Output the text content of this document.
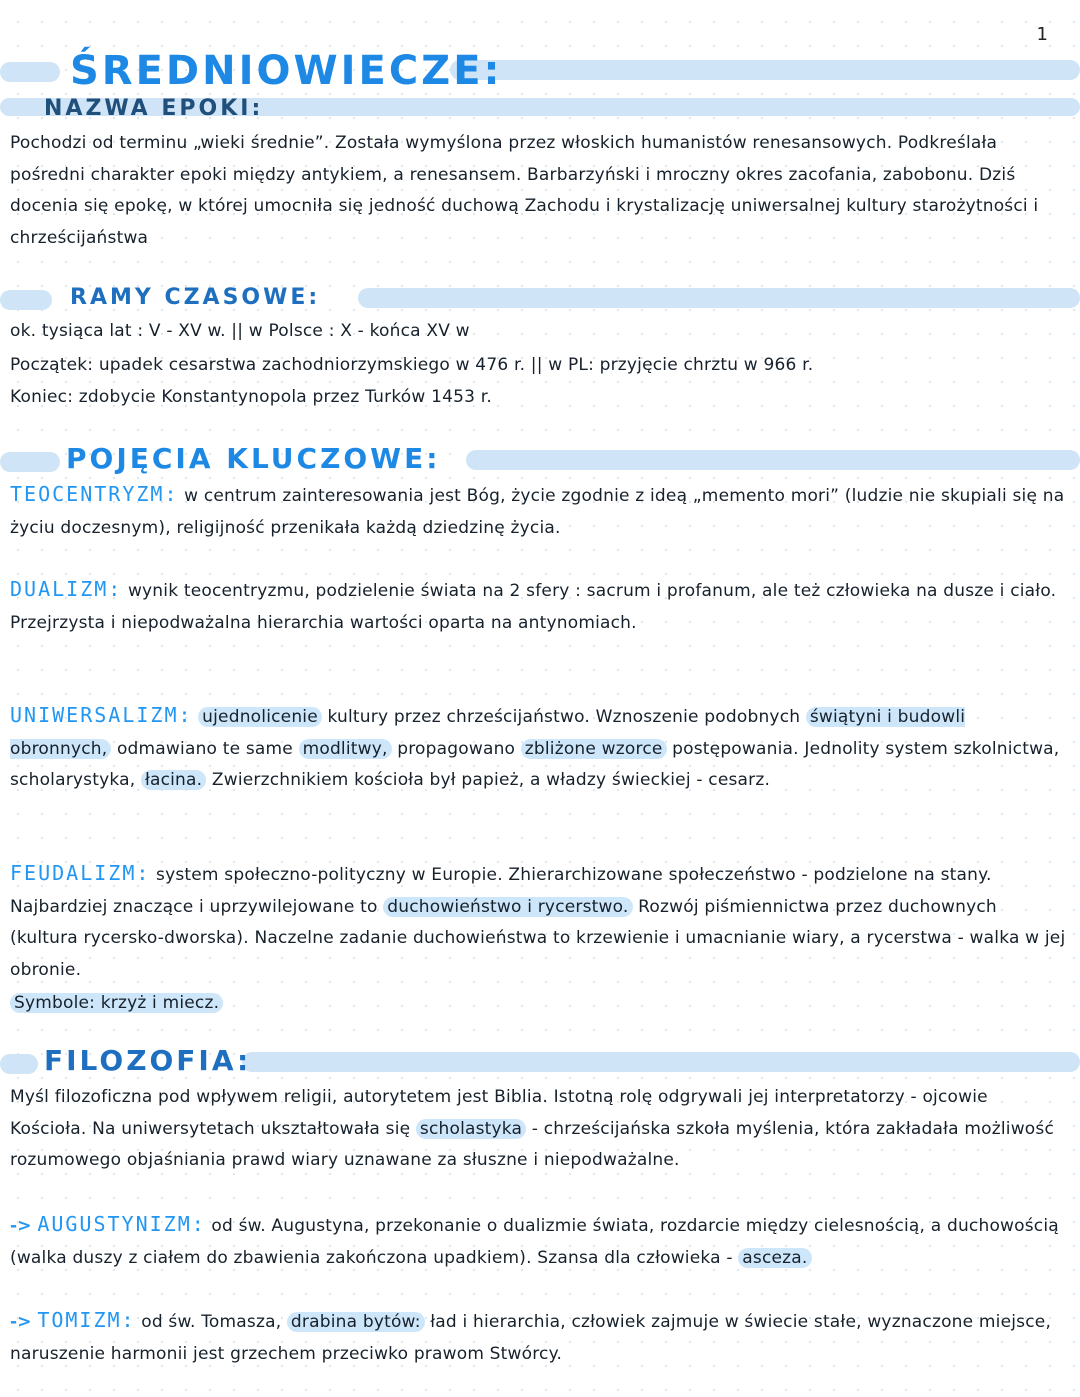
1
ŚREDNIOWIECZE:
NAZWA EPOKI:

Pochodzi od terminu „wieki średnie”. Została wymyślona przez włoskich humanistów renesansowych. Podkreślała pośredni charakter epoki między antykiem, a renesansem. Barbarzyński i mroczny okres zacofania, zabobonu. Dziś docenia się epokę, w której umocniła się jedność duchową Zachodu i krystalizację uniwersalnej kultury starożytności i chrześcijaństwa

RAMY CZASOWE:

ok. tysiąca lat : V - XV w. || w Polsce : X - końca XV w

Początek: upadek cesarstwa zachodniorzymskiego w 476 r. || w PL: przyjęcie chrztu w 966 r.

Koniec: zdobycie Konstantynopola przez Turków 1453 r.

POJĘCIA KLUCZOWE:

TEOCENTRYZM: w centrum zainteresowania jest Bóg, życie zgodnie z ideą „memento mori” (ludzie nie skupiali się na życiu doczesnym), religijność przenikała każdą dziedzinę życia.

DUALIZM: wynik teocentryzmu, podzielenie świata na 2 sfery : sacrum i profanum, ale też człowieka na dusze i ciało. Przejrzysta i niepodważalna hierarchia wartości oparta na antynomiach.

UNIWERSALIZM: ujednolicenie kultury przez chrześcijaństwo. Wznoszenie podobnych świątyni i budowli obronnych, odmawiano te same modlitwy, propagowano zbliżone wzorce postępowania. Jednolity system szkolnictwa, scholarystyka, łacina. Zwierzchnikiem kościoła był papież, a władzy świeckiej - cesarz.

FEUDALIZM: system społeczno-polityczny w Europie. Zhierarchizowane społeczeństwo - podzielone na stany. Najbardziej znaczące i uprzywilejowane to duchowieństwo i rycerstwo. Rozwój piśmiennictwa przez duchownych (kultura rycersko-dworska). Naczelne zadanie duchowieństwa to krzewienie i umacnianie wiary, a rycerstwa - walka w jej obronie.

Symbole: krzyż i miecz.

FILOZOFIA:

Myśl filozoficzna pod wpływem religii, autorytetem jest Biblia. Istotną rolę odgrywali jej interpretatorzy - ojcowie Kościoła. Na uniwersytetach ukształtowała się scholastyka - chrześcijańska szkoła myślenia, która zakładała możliwość rozumowego objaśniania prawd wiary uznawane za słuszne i niepodważalne.

-> AUGUSTYNIZM: od św. Augustyna, przekonanie o dualizmie świata, rozdarcie między cielesnością, a duchowością (walka duszy z ciałem do zbawienia zakończona upadkiem). Szansa dla człowieka - asceza.

-> TOMIZM: od św. Tomasza, drabina bytów: ład i hierarchia, człowiek zajmuje w świecie stałe, wyznaczone miejsce, naruszenie harmonii jest grzechem przeciwko prawom Stwórcy.
